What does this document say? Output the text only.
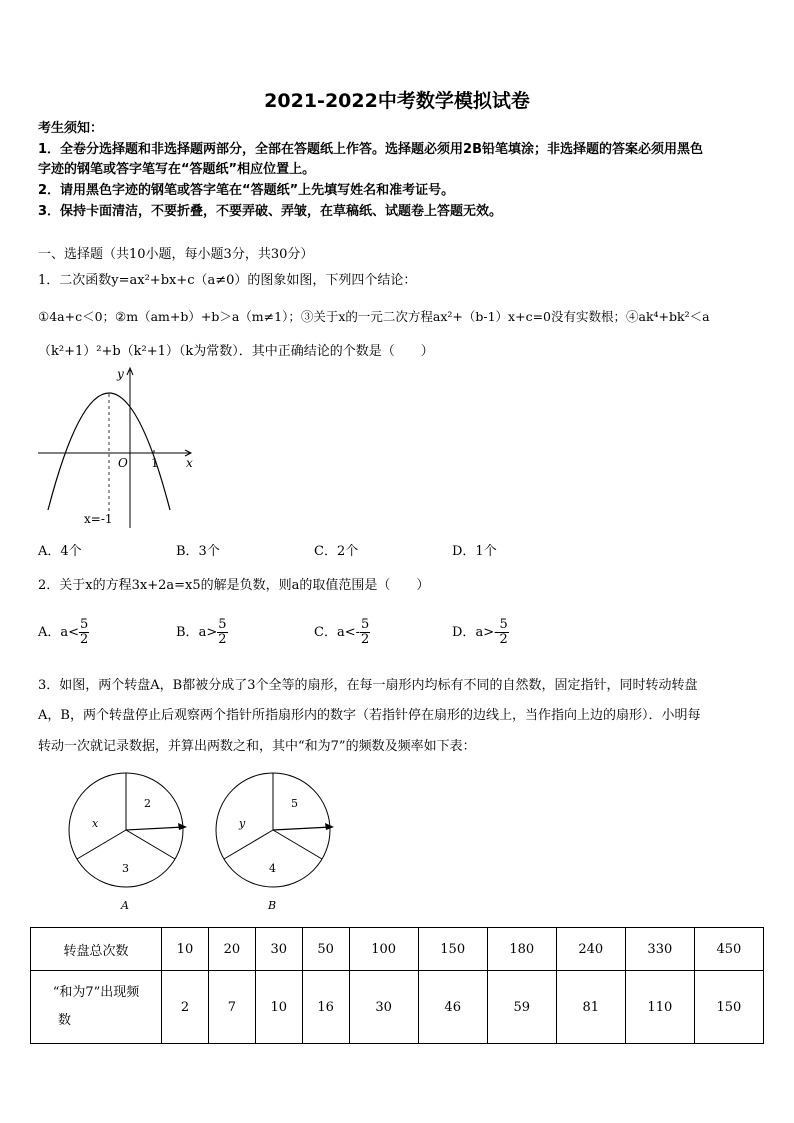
2021-2022中考数学模拟试卷
考生须知：
1．全卷分选择题和非选择题两部分，全部在答题纸上作答。选择题必须用2B铅笔填涂；非选择题的答案必须用黑色
字迹的钢笔或答字笔写在“答题纸”相应位置上。
2．请用黑色字迹的钢笔或答字笔在“答题纸”上先填写姓名和准考证号。
3．保持卡面清洁，不要折叠，不要弄破、弄皱，在草稿纸、试题卷上答题无效。
一、选择题（共10小题，每小题3分，共30分）
1．二次函数y=ax²+bx+c（a≠0）的图象如图，下列四个结论：
①4a+c＜0；②m（am+b）+b＞a（m≠1）；③关于x的一元二次方程ax²+（b-1）x+c=0没有实数根；④ak⁴+bk²＜a
（k²+1）²+b（k²+1）（k为常数）．其中正确结论的个数是（　　）
O 1 x
y
x=-1
A．4个	B．3个	C．2个	D．1个
2．关于x的方程3x+2a=x5的解是负数，则a的取值范围是（　　）
A．$a< \frac{5}{2}$	B．$a> \frac{5}{2}$	C．$a<- \frac{5}{2}$	D．$a>- \frac{5}{2}$
3．如图，两个转盘A，B都被分成了3个全等的扇形，在每一扇形内均标有不同的自然数，固定指针，同时转动转盘
A，B，两个转盘停止后观察两个指针所指扇形内的数字（若指针停在扇形的边线上，当作指向上边的扇形）．小明每
转动一次就记录数据，并算出两数之和，其中“和为7”的频数及频率如下表：
2
x
3
A
5
y
4
B
转盘总次数	10	20	30	50	100	150	180	240	330	450

“和为7”出现频
数	2	7	10	16	30	46	59	81	110	150
